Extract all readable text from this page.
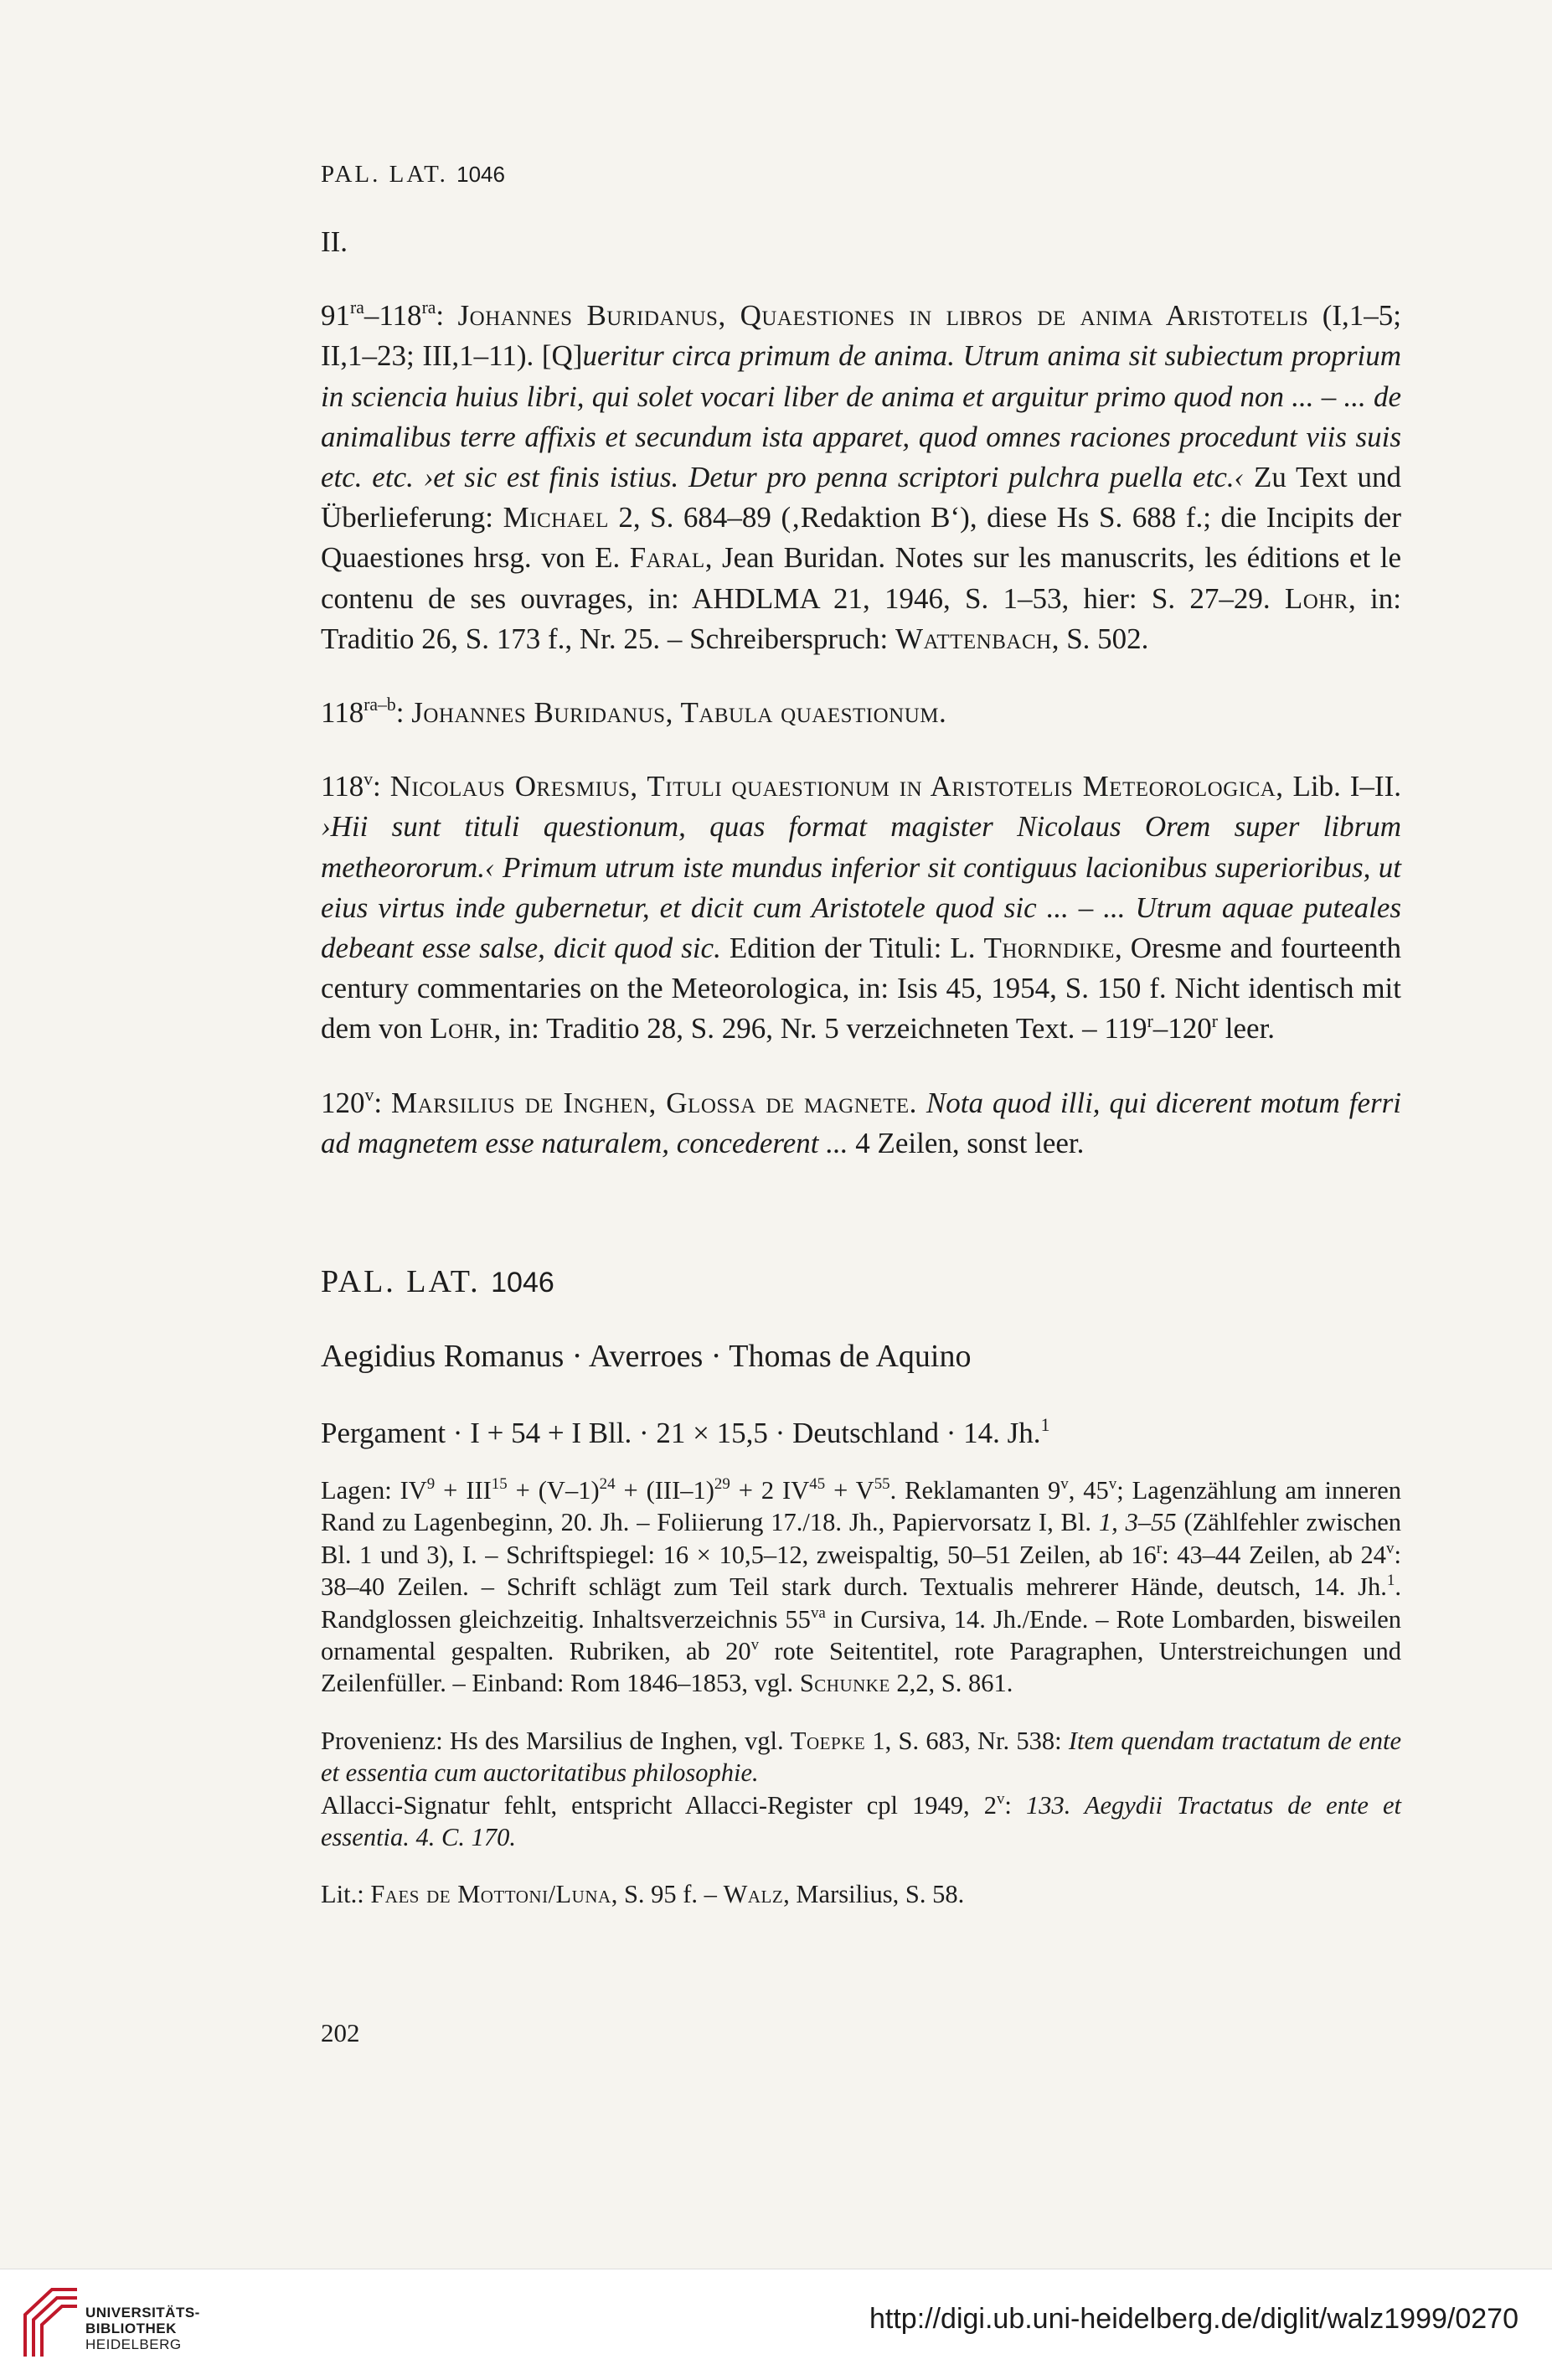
PAL. LAT. 1046

II.

$91^{ra}-118^{ra}$: Johannes Buridanus, Quaestiones in libros de anima Aristotelis (I,1–5; II,1–23; III,1–11). [Q]ueritur circa primum de anima. Utrum anima sit subiectum proprium in sciencia huius libri, qui solet vocari liber de anima et arguitur primo quod non ... – ... de animalibus terre affixis et secundum ista apparet, quod omnes raciones procedunt viis suis etc. etc. ›et sic est finis istius. Detur pro penna scriptori pulchra puella etc.‹ Zu Text und Überlieferung: Michael 2, S. 684–89 (‚Redaktion B‘), diese Hs S. 688 f.; die Incipits der Quaestiones hrsg. von E. Faral, Jean Buridan. Notes sur les manuscrits, les éditions et le contenu de ses ouvrages, in: AHDLMA 21, 1946, S. 1–53, hier: S. 27–29. Lohr, in: Traditio 26, S. 173 f., Nr. 25. – Schreiberspruch: Wattenbach, S. 502.

$118^{ra-b}$: Johannes Buridanus, Tabula quaestionum.

118$^v$: Nicolaus Oresmius, Tituli quaestionum in Aristotelis Meteorologica, Lib. I–II. ›Hii sunt tituli questionum, quas format magister Nicolaus Orem super librum metheororum.‹ Primum utrum iste mundus inferior sit contiguus lacionibus superioribus, ut eius virtus inde gubernetur, et dicit cum Aristotele quod sic ... – ... Utrum aquae puteales debeant esse salse, dicit quod sic. Edition der Tituli: L. Thorndike, Oresme and fourteenth century commentaries on the Meteorologica, in: Isis 45, 1954, S. 150 f. Nicht identisch mit dem von Lohr, in: Traditio 28, S. 296, Nr. 5 verzeichneten Text. – 119$^r$–120$^r$ leer.

120$^v$: Marsilius de Inghen, Glossa de magnete. Nota quod illi, qui dicerent motum ferri ad magnetem esse naturalem, concederent ... 4 Zeilen, sonst leer.

PAL. LAT. 1046
Aegidius Romanus · Averroes · Thomas de Aquino
Pergament · I + 54 + I Bll. · 21 × 15,5 · Deutschland · 14. Jh.$^1$

Lagen: $IV^9 + III^{15} + (V-1)^{24} + (III-1)^{29} + 2$ $IV^{45} + V^{55}$. Reklamanten 9$^v$, 45$^v$; Lagenzählung am inneren Rand zu Lagenbeginn, 20. Jh. – Foliierung 17./18. Jh., Papiervorsatz I, Bl. 1, 3–55 (Zählfehler zwischen Bl. 1 und 3), I. – Schriftspiegel: 16 × 10,5–12, zweispaltig, 50–51 Zeilen, ab 16$^r$: 43–44 Zeilen, ab 24$^v$: 38–40 Zeilen. – Schrift schlägt zum Teil stark durch. Textualis mehrerer Hände, deutsch, 14. Jh.$^1$. Randglossen gleichzeitig. Inhaltsverzeichnis $55^{va}$ in Cursiva, 14. Jh./Ende. – Rote Lombarden, bisweilen ornamental gespalten. Rubriken, ab 20$^v$ rote Seitentitel, rote Paragraphen, Unterstreichungen und Zeilenfüller. – Einband: Rom 1846–1853, vgl. Schunke 2,2, S. 861.

Provenienz: Hs des Marsilius de Inghen, vgl. Toepke 1, S. 683, Nr. 538: Item quendam tractatum de ente et essentia cum auctoritatibus philosophie.

Allacci-Signatur fehlt, entspricht Allacci-Register cpl 1949, 2$^v$: 133. Aegydii Tractatus de ente et essentia. 4. C. 170.

Lit.: Faes de Mottoni/Luna, S. 95 f. – Walz, Marsilius, S. 58.

202
UNIVERSITÄTS-
BIBLIOTHEK
HEIDELBERG
http://digi.ub.uni-heidelberg.de/diglit/walz1999/0270
